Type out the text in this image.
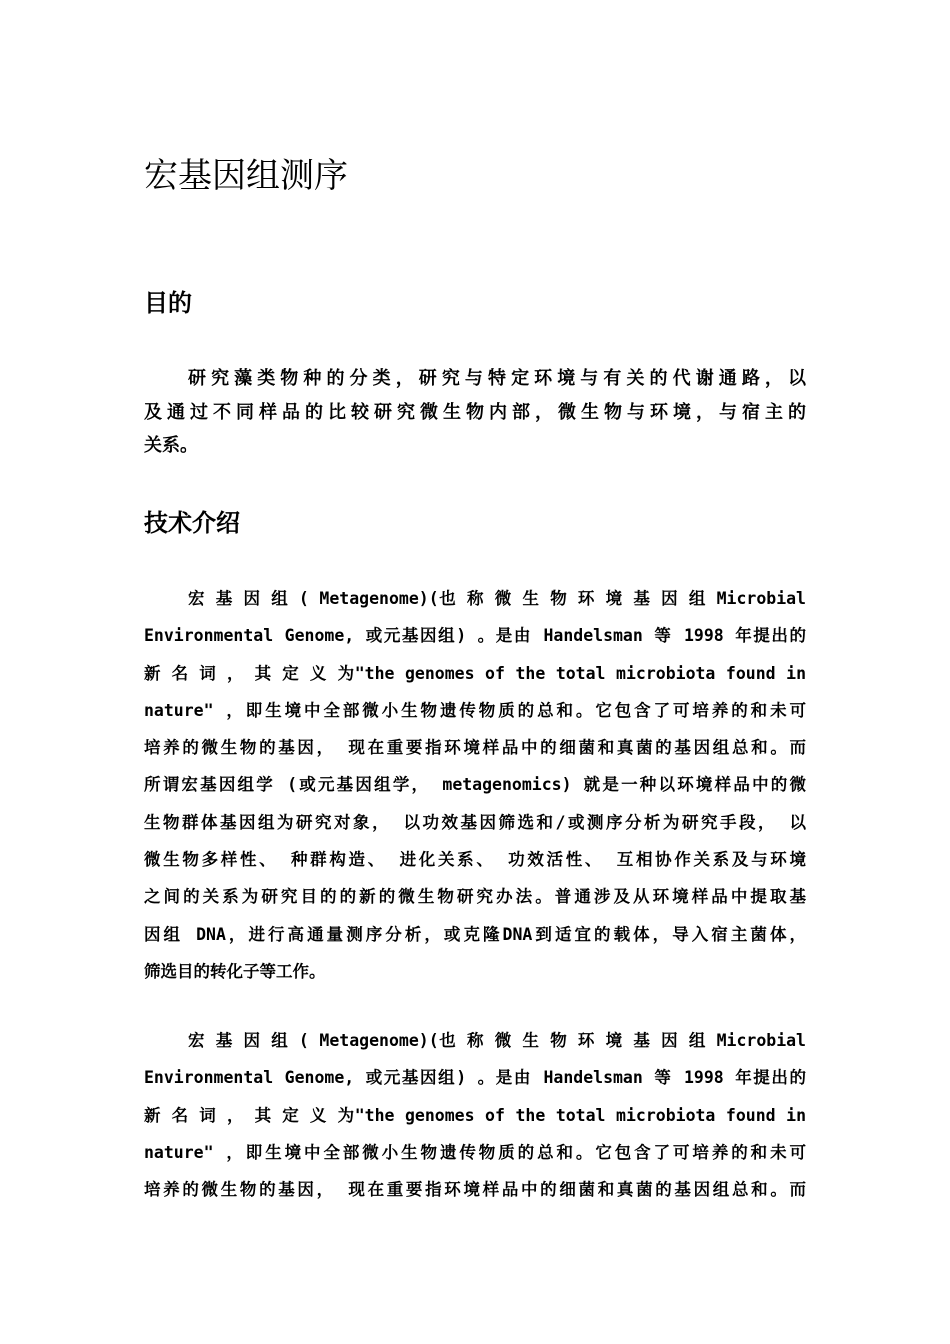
宏基因组测序
目的
研究藻类物种的分类，研究与特定环境与有关的代谢通路，以
及通过不同样品的比较研究微生物内部，微生物与环境，与宿主的
关系。
技术介绍
宏 基 因 组 ( Metagenome)(也 称 微 生 物 环 境 基 因 组 Microbial
Environmental Genome, 或元基因组) 。是由 Handelsman 等 1998 年提出的
新 名 词 ， 其 定 义 为"the genomes of the total microbiota found in
nature" ，即生境中全部微小生物遗传物质的总和。它包含了可培养的和未可
培养的微生物的基因， 现在重要指环境样品中的细菌和真菌的基因组总和。而
所谓宏基因组学 (或元基因组学， metagenomics) 就是一种以环境样品中的微
生物群体基因组为研究对象， 以功效基因筛选和/或测序分析为研究手段， 以
微生物多样性、 种群构造、 进化关系、 功效活性、 互相协作关系及与环境
之间的关系为研究目的的新的微生物研究办法。普通涉及从环境样品中提取基
因组 DNA，进行高通量测序分析，或克隆DNA到适宜的载体，导入宿主菌体，
筛选目的转化子等工作。
宏 基 因 组 ( Metagenome)(也 称 微 生 物 环 境 基 因 组 Microbial
Environmental Genome, 或元基因组) 。是由 Handelsman 等 1998 年提出的
新 名 词 ， 其 定 义 为"the genomes of the total microbiota found in
nature" ，即生境中全部微小生物遗传物质的总和。它包含了可培养的和未可
培养的微生物的基因， 现在重要指环境样品中的细菌和真菌的基因组总和。而
